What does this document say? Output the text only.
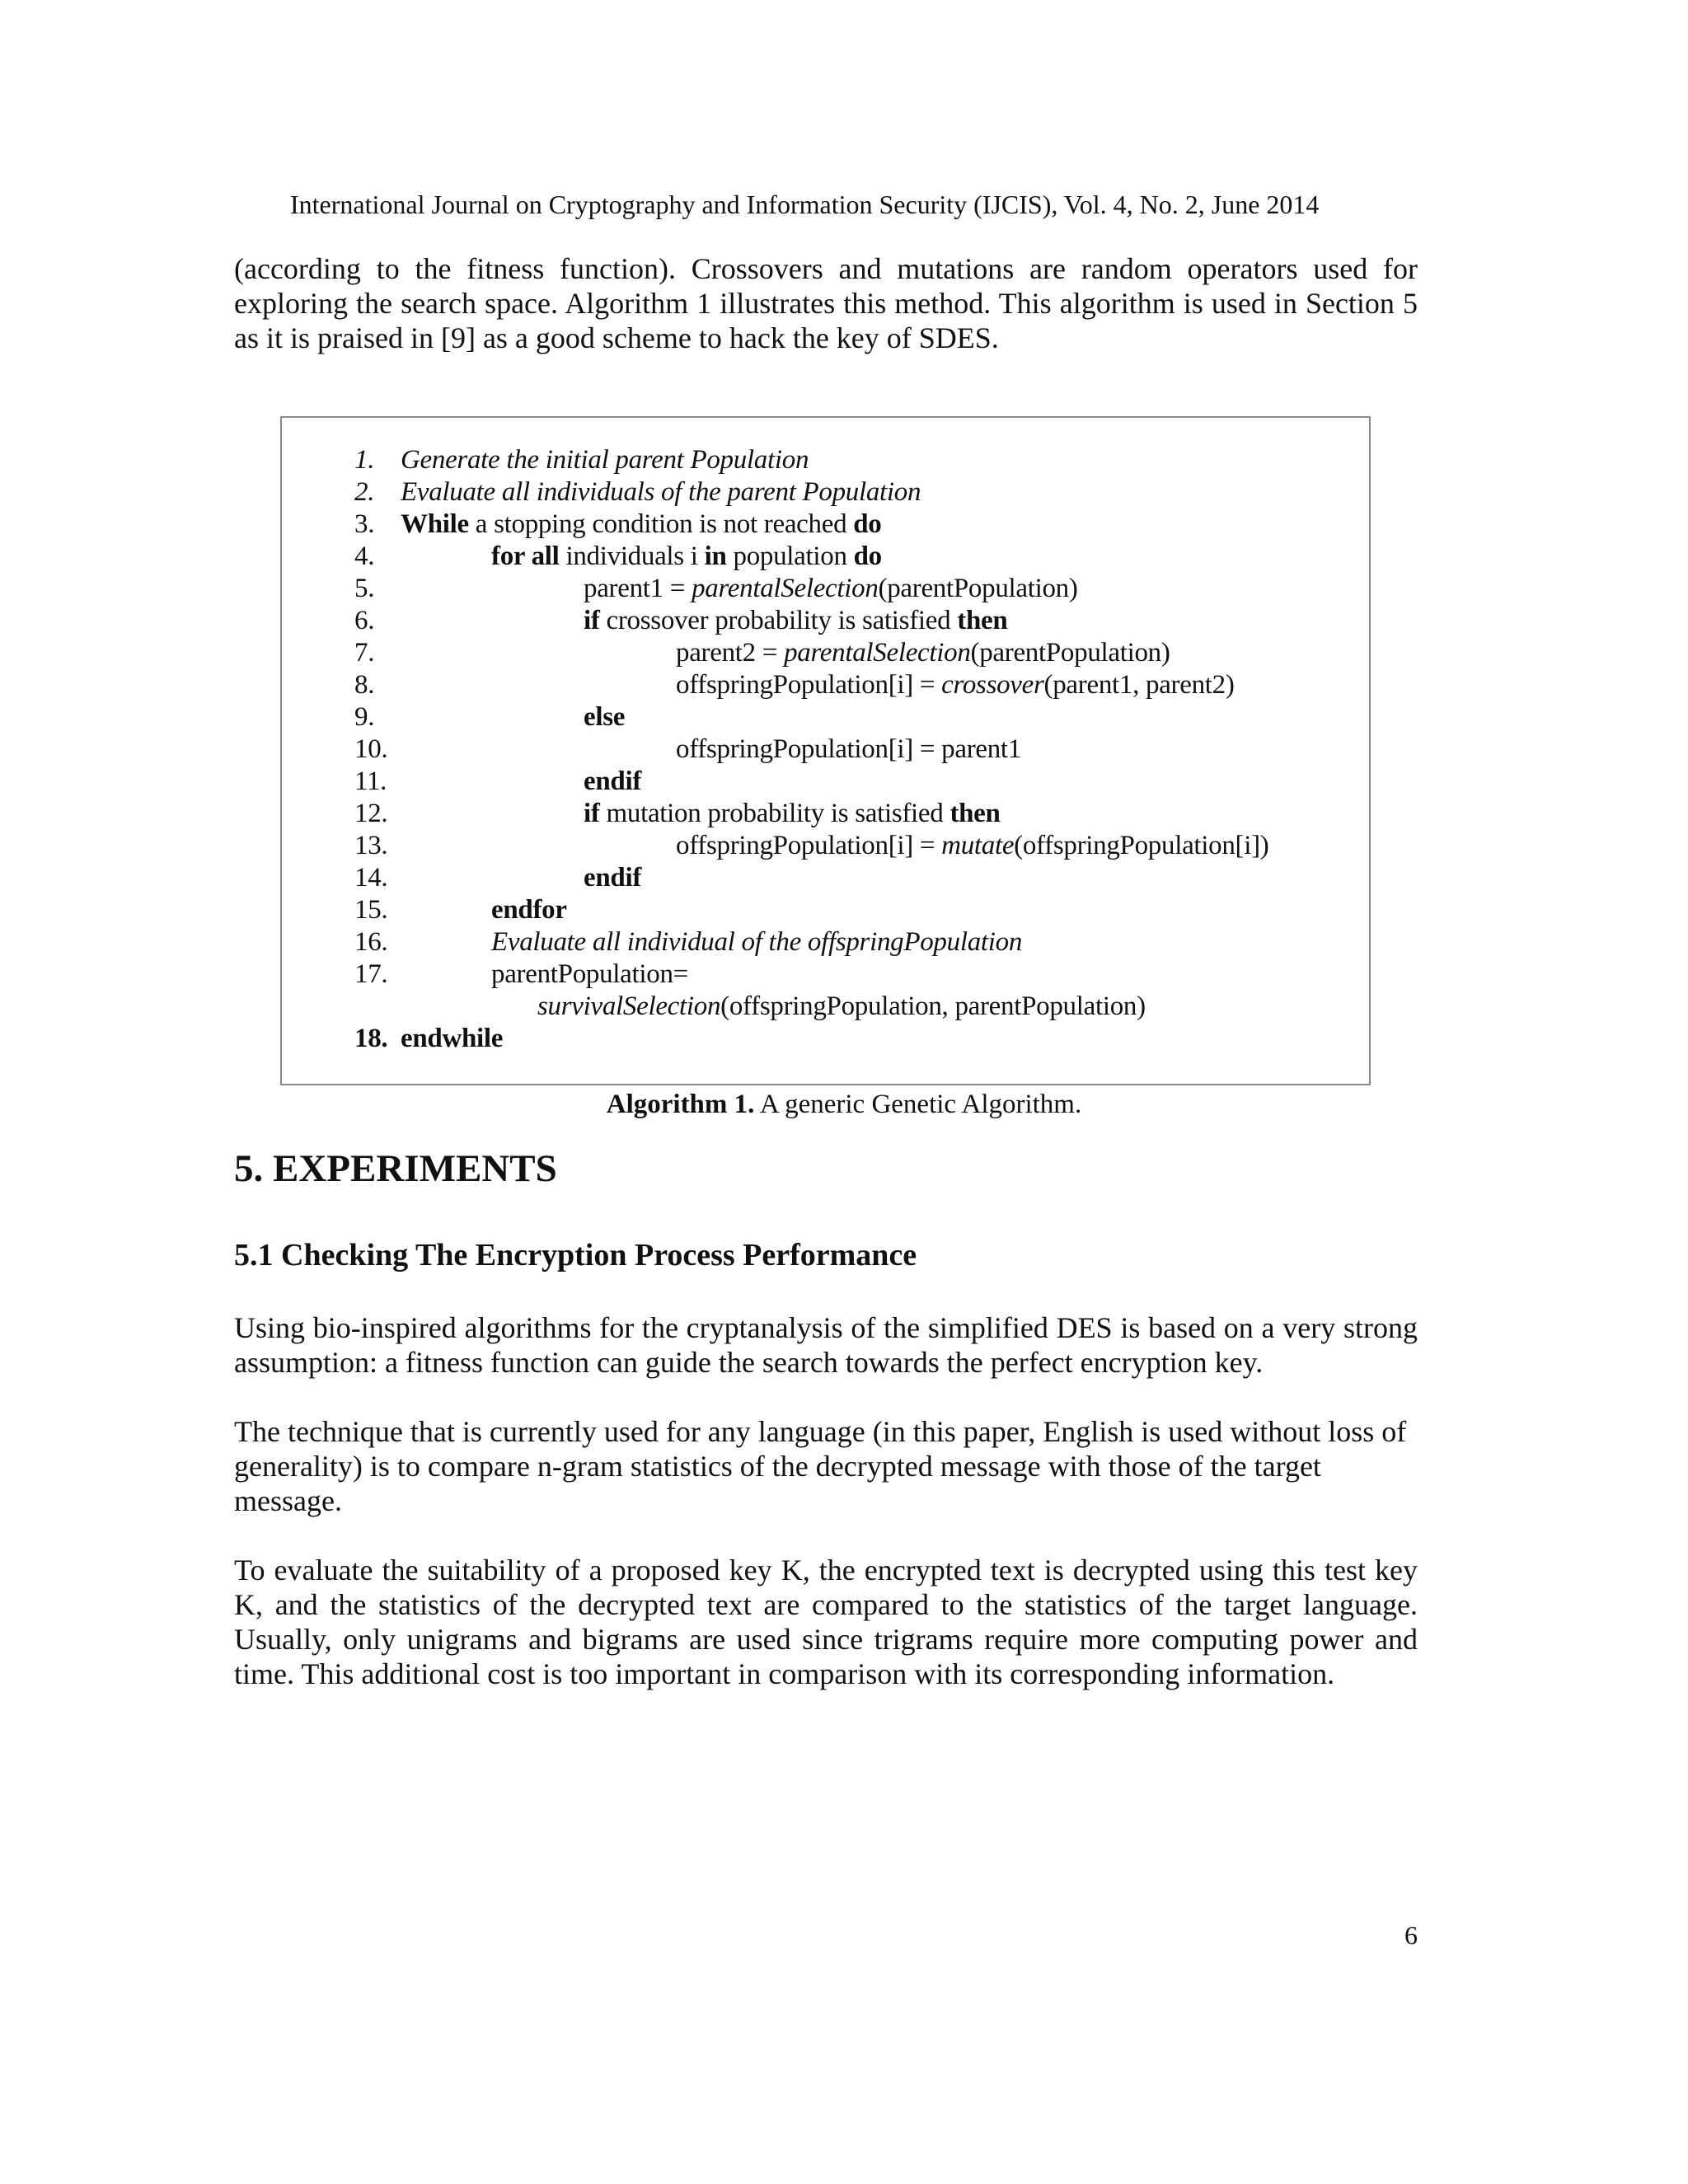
International Journal on Cryptography and Information Security (IJCIS), Vol. 4, No. 2, June 2014

(according to the fitness function). Crossovers and mutations are random operators used for exploring the search space. Algorithm 1 illustrates this method. This algorithm is used in Section 5 as it is praised in [9] as a good scheme to hack the key of SDES.

1. Generate the initial parent Population
2. Evaluate all individuals of the parent Population
3. While a stopping condition is not reached do
4.	for all individuals i in population do
5.	parent1 = parentalSelection(parentPopulation)
6.	if crossover probability is satisfied then
7.	parent2 = parentalSelection(parentPopulation)
8.	offspringPopulation[i] = crossover(parent1, parent2)
9.	else
10.	offspringPopulation[i] = parent1
11.	endif
12.	if mutation probability is satisfied then
13.	offspringPopulation[i] = mutate(offspringPopulation[i])
14.	endif
15.	endfor
16.	Evaluate all individual of the offspringPopulation
17.	parentPopulation=
survivalSelection(offspringPopulation, parentPopulation)
18. endwhile
Algorithm 1. A generic Genetic Algorithm.
5. EXPERIMENTS
5.1 Checking The Encryption Process Performance

Using bio-inspired algorithms for the cryptanalysis of the simplified DES is based on a very strong assumption: a fitness function can guide the search towards the perfect encryption key.

The technique that is currently used for any language (in this paper, English is used without loss of generality) is to compare n-gram statistics of the decrypted message with those of the target message.

To evaluate the suitability of a proposed key K, the encrypted text is decrypted using this test key K, and the statistics of the decrypted text are compared to the statistics of the target language. Usually, only unigrams and bigrams are used since trigrams require more computing power and time. This additional cost is too important in comparison with its corresponding information.

6
